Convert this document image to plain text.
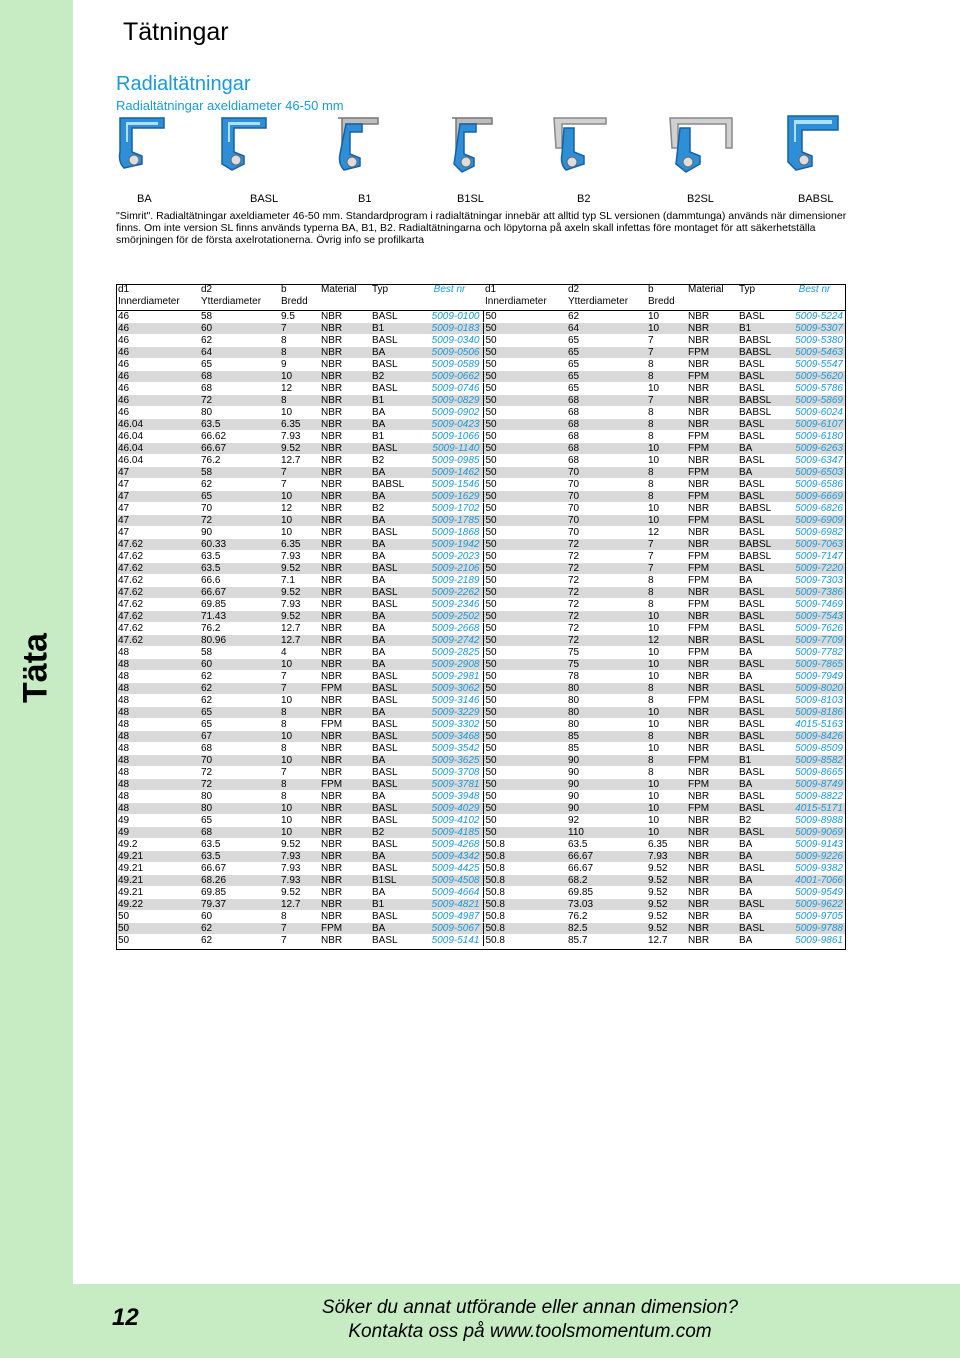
Täta
Tätningar
Radialtätningar
Radialtätningar axeldiameter 46-50 mm
BA	BASL	B1	B1SL	B2	B2SL	BABSL
"Simrit". Radialtätningar axeldiameter 46-50 mm. Standardprogram i radialtätningar innebär att alltid typ SL versionen (dammtunga) används när dimensioner finns. Om inte version SL finns används typerna BA, B1, B2. Radialtätningarna och löpytorna på axeln skall infettas före montaget för att säkerhetställa smörjningen för de första axelrotationerna. Övrig info se profilkarta
d1
Innerdiameter	d2
Ytterdiameter	b
Bredd	Material	Typ	Best nr	d1
Innerdiameter	d2
Ytterdiameter	b
Bredd	Material	Typ	Best nr
46	58	9.5	NBR	BASL	5009-0100	50	62	10	NBR	BASL	5009-5224
46	60	7	NBR	B1	5009-0183	50	64	10	NBR	B1	5009-5307
46	62	8	NBR	BASL	5009-0340	50	65	7	NBR	BABSL	5009-5380
46	64	8	NBR	BA	5009-0506	50	65	7	FPM	BABSL	5009-5463
46	65	9	NBR	BASL	5009-0589	50	65	8	NBR	BASL	5009-5547
46	68	10	NBR	B2	5009-0662	50	65	8	FPM	BASL	5009-5620
46	68	12	NBR	BASL	5009-0746	50	65	10	NBR	BASL	5009-5786
46	72	8	NBR	B1	5009-0829	50	68	7	NBR	BABSL	5009-5869
46	80	10	NBR	BA	5009-0902	50	68	8	NBR	BABSL	5009-6024
46.04	63.5	6.35	NBR	BA	5009-0423	50	68	8	NBR	BASL	5009-6107
46.04	66.62	7.93	NBR	B1	5009-1066	50	68	8	FPM	BASL	5009-6180
46.04	66.67	9.52	NBR	BASL	5009-1140	50	68	10	FPM	BA	5009-6263
46.04	76.2	12.7	NBR	B2	5009-0985	50	68	10	NBR	BASL	5009-6347
47	58	7	NBR	BA	5009-1462	50	70	8	FPM	BA	5009-6503
47	62	7	NBR	BABSL	5009-1546	50	70	8	NBR	BASL	5009-6586
47	65	10	NBR	BA	5009-1629	50	70	8	FPM	BASL	5009-6669
47	70	12	NBR	B2	5009-1702	50	70	10	NBR	BABSL	5009-6826
47	72	10	NBR	BA	5009-1785	50	70	10	FPM	BASL	5009-6909
47	90	10	NBR	BASL	5009-1868	50	70	12	NBR	BASL	5009-6982
47.62	60.33	6.35	NBR	BA	5009-1942	50	72	7	NBR	BABSL	5009-7063
47.62	63.5	7.93	NBR	BA	5009-2023	50	72	7	FPM	BABSL	5009-7147
47.62	63.5	9.52	NBR	BASL	5009-2106	50	72	7	FPM	BASL	5009-7220
47.62	66.6	7.1	NBR	BA	5009-2189	50	72	8	FPM	BA	5009-7303
47.62	66.67	9.52	NBR	BASL	5009-2262	50	72	8	NBR	BASL	5009-7386
47.62	69.85	7.93	NBR	BASL	5009-2346	50	72	8	FPM	BASL	5009-7469
47.62	71.43	9.52	NBR	BA	5009-2502	50	72	10	NBR	BASL	5009-7543
47.62	76.2	12.7	NBR	BA	5009-2668	50	72	10	FPM	BASL	5009-7626
47.62	80.96	12.7	NBR	BA	5009-2742	50	72	12	NBR	BASL	5009-7709
48	58	4	NBR	BA	5009-2825	50	75	10	FPM	BA	5009-7782
48	60	10	NBR	BA	5009-2908	50	75	10	NBR	BASL	5009-7865
48	62	7	NBR	BASL	5009-2981	50	78	10	NBR	BA	5009-7949
48	62	7	FPM	BASL	5009-3062	50	80	8	NBR	BASL	5009-8020
48	62	10	NBR	BASL	5009-3146	50	80	8	FPM	BASL	5009-8103
48	65	8	NBR	BA	5009-3229	50	80	10	NBR	BASL	5009-8186
48	65	8	FPM	BASL	5009-3302	50	80	10	NBR	BASL	4015-5163
48	67	10	NBR	BASL	5009-3468	50	85	8	NBR	BASL	5009-8426
48	68	8	NBR	BASL	5009-3542	50	85	10	NBR	BASL	5009-8509
48	70	10	NBR	BA	5009-3625	50	90	8	FPM	B1	5009-8582
48	72	7	NBR	BASL	5009-3708	50	90	8	NBR	BASL	5009-8665
48	72	8	FPM	BASL	5009-3781	50	90	10	FPM	BA	5009-8749
48	80	8	NBR	BA	5009-3948	50	90	10	NBR	BASL	5009-8822
48	80	10	NBR	BASL	5009-4029	50	90	10	FPM	BASL	4015-5171
49	65	10	NBR	BASL	5009-4102	50	92	10	NBR	B2	5009-8988
49	68	10	NBR	B2	5009-4185	50	110	10	NBR	BASL	5009-9069
49.2	63.5	9.52	NBR	BASL	5009-4268	50.8	63.5	6.35	NBR	BA	5009-9143
49.21	63.5	7.93	NBR	BA	5009-4342	50.8	66.67	7.93	NBR	BA	5009-9226
49.21	66.67	7.93	NBR	BASL	5009-4425	50.8	66.67	9.52	NBR	BASL	5009-9382
49.21	68.26	7.93	NBR	B1SL	5009-4508	50.8	68.2	9.52	NBR	BA	4001-7066
49.21	69.85	9.52	NBR	BA	5009-4664	50.8	69.85	9.52	NBR	BA	5009-9549
49.22	79.37	12.7	NBR	B1	5009-4821	50.8	73.03	9.52	NBR	BASL	5009-9622
50	60	8	NBR	BASL	5009-4987	50.8	76.2	9.52	NBR	BA	5009-9705
50	62	7	FPM	BA	5009-5067	50.8	82.5	9.52	NBR	BASL	5009-9788
50	62	7	NBR	BASL	5009-5141	50.8	85.7	12.7	NBR	BA	5009-9861
12	Söker du annat utförande eller annan dimension?
Kontakta oss på www.toolsmomentum.com
